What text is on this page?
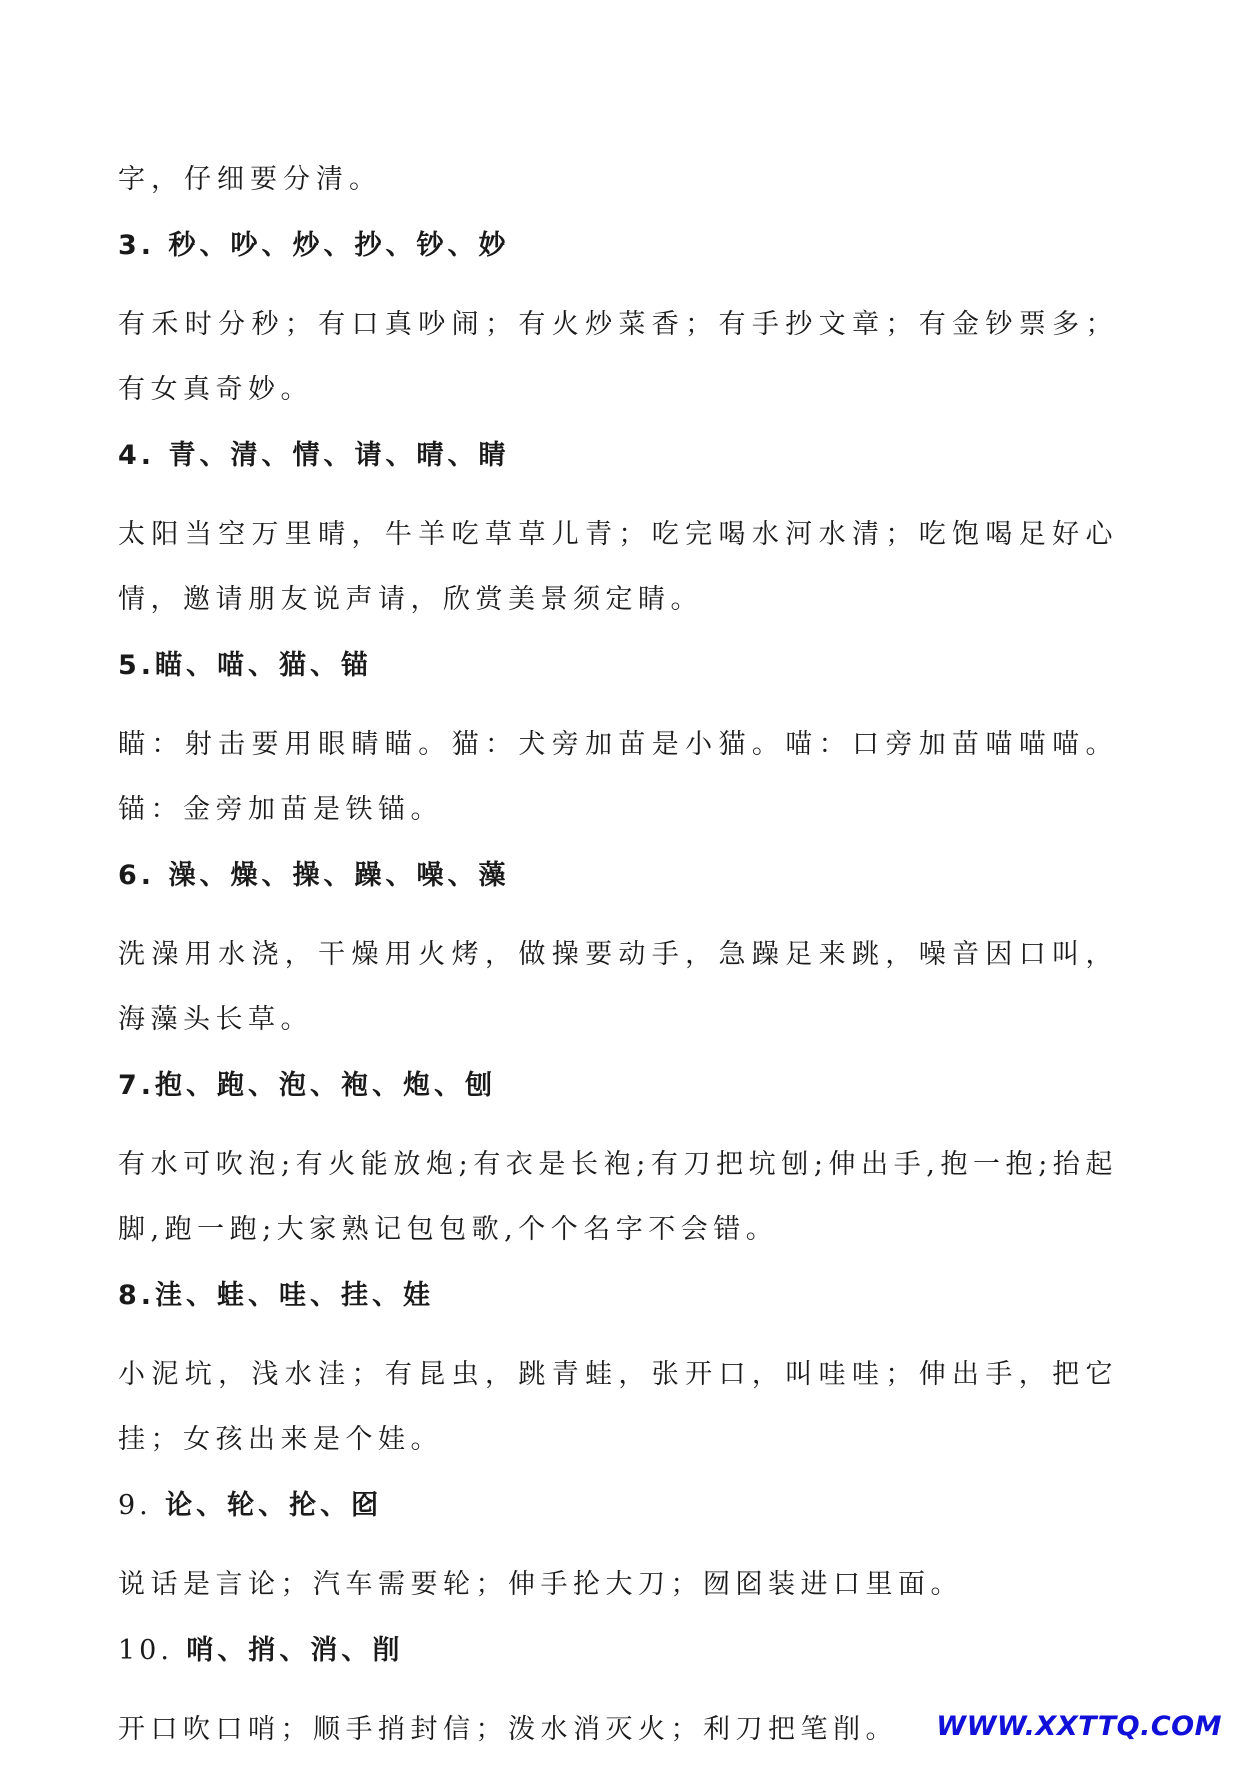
字，仔细要分清。

3. 秒、吵、炒、抄、钞、妙

有禾时分秒；有口真吵闹；有火炒菜香；有手抄文章；有金钞票多；有女真奇妙。

4. 青、清、情、请、晴、睛

太阳当空万里晴，牛羊吃草草儿青；吃完喝水河水清；吃饱喝足好心情，邀请朋友说声请，欣赏美景须定睛。

5.瞄、喵、猫、锚

瞄：射击要用眼睛瞄。猫：犬旁加苗是小猫。喵：口旁加苗喵喵喵。锚：金旁加苗是铁锚。

6. 澡、燥、操、躁、噪、藻

洗澡用水浇，干燥用火烤，做操要动手，急躁足来跳，噪音因口叫，海藻头长草。

7.抱、跑、泡、袍、炮、刨

有水可吹泡;有火能放炮;有衣是长袍;有刀把坑刨;伸出手,抱一抱;抬起脚,跑一跑;大家熟记包包歌,个个名字不会错。

8.洼、蛙、哇、挂、娃

小泥坑，浅水洼；有昆虫，跳青蛙，张开口，叫哇哇；伸出手，把它挂；女孩出来是个娃。

9. 论、轮、抡、囵

说话是言论；汽车需要轮；伸手抡大刀；囫囵装进口里面。

10. 哨、捎、消、削

开口吹口哨；顺手捎封信；泼水消灭火；利刀把笔削。	WWW.XXTTQ.COM
